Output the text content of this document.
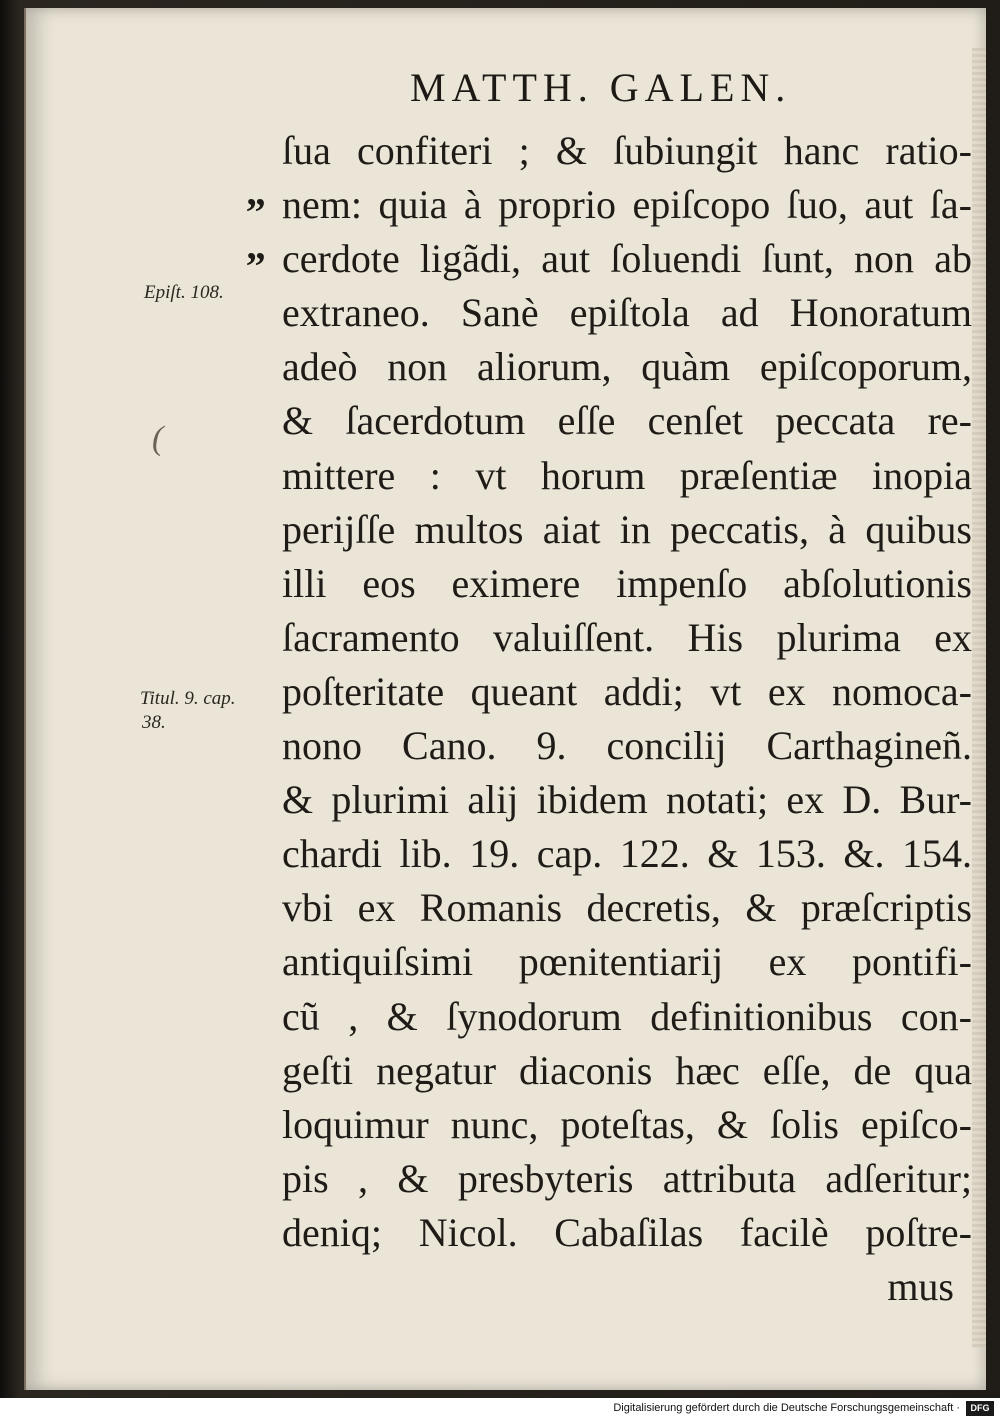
MATTH. GALEN.
„
„
Epiſt. 108.
(
Titul. 9. cap.
38.
ſua confiteri ; & ſubiungit hanc ratio-
nem: quia à proprio epiſcopo ſuo, aut ſa-
cerdote ligãdi, aut ſoluendi ſunt, non ab
extraneo. Sanè epiſtola ad Honoratum
adeò non aliorum, quàm epiſcoporum,
& ſacerdotum eſſe cenſet peccata re-
mittere : vt horum præſentiæ inopia
perijſſe multos aiat in peccatis, à quibus
illi eos eximere impenſo abſolutionis
ſacramento valuiſſent. His plurima ex
poſteritate queant addi; vt ex nomoca-
nono Cano. 9. concilij Carthagineñ.
& plurimi alij ibidem notati; ex D. Bur-
chardi lib. 19. cap. 122. & 153. &. 154.
vbi ex Romanis decretis, & præſcriptis
antiquiſsimi pœnitentiarij ex pontifi-
cũ , & ſynodorum definitionibus con-
geſti negatur diaconis hæc eſſe, de qua
loquimur nunc, poteſtas, & ſolis epiſco-
pis , & presbyteris attributa adſeritur;
deniq; Nicol. Cabaſilas facilè poſtre-
mus
Digitalisierung gefördert durch die Deutsche Forschungsgemeinschaft ·	DFG
